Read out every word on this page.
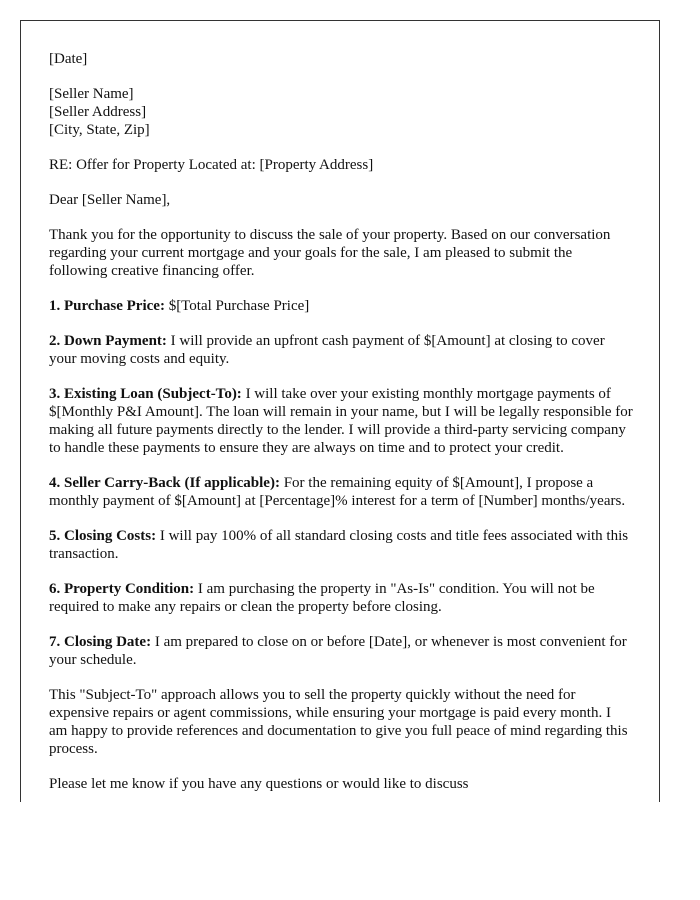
[Date]

[Seller Name]
[Seller Address]
[City, State, Zip]

RE: Offer for Property Located at: [Property Address]

Dear [Seller Name],

Thank you for the opportunity to discuss the sale of your property. Based on our conversation regarding your current mortgage and your goals for the sale, I am pleased to submit the following creative financing offer.

1. Purchase Price: $[Total Purchase Price]

2. Down Payment: I will provide an upfront cash payment of $[Amount] at closing to cover your moving costs and equity.

3. Existing Loan (Subject-To): I will take over your existing monthly mortgage payments of $[Monthly P&I Amount]. The loan will remain in your name, but I will be legally responsible for making all future payments directly to the lender. I will provide a third-party servicing company to handle these payments to ensure they are always on time and to protect your credit.

4. Seller Carry-Back (If applicable): For the remaining equity of $[Amount], I propose a monthly payment of $[Amount] at [Percentage]% interest for a term of [Number] months/years.

5. Closing Costs: I will pay 100% of all standard closing costs and title fees associated with this transaction.

6. Property Condition: I am purchasing the property in "As-Is" condition. You will not be required to make any repairs or clean the property before closing.

7. Closing Date: I am prepared to close on or before [Date], or whenever is most convenient for your schedule.

This "Subject-To" approach allows you to sell the property quickly without the need for expensive repairs or agent commissions, while ensuring your mortgage is paid every month. I am happy to provide references and documentation to give you full peace of mind regarding this process.

Please let me know if you have any questions or would like to discuss
